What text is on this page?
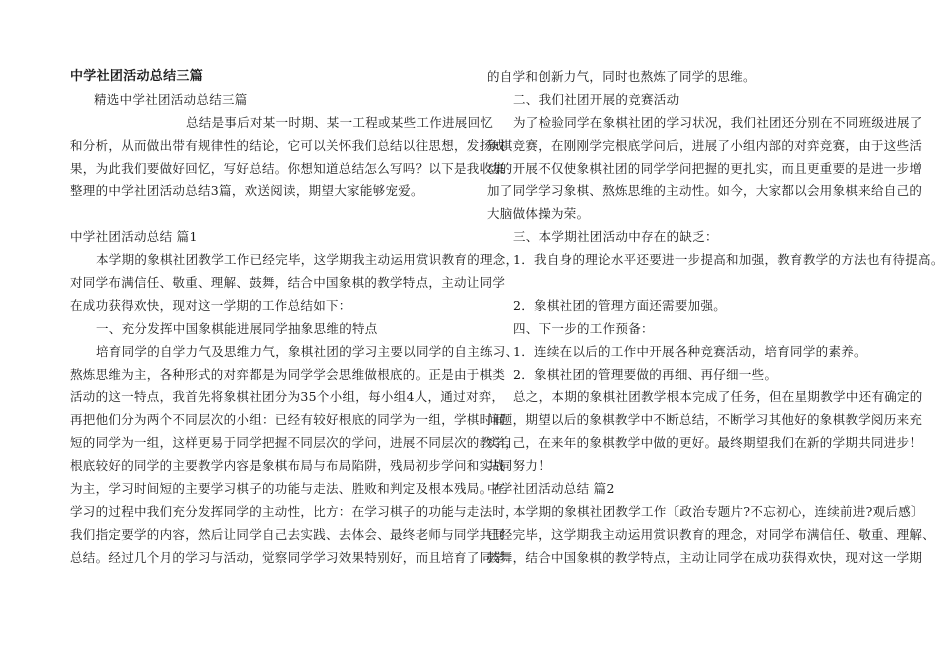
中学社团活动总结三篇
精选中学社团活动总结三篇
总结是事后对某一时期、某一工程或某些工作进展回忆
和分析，从而做出带有规律性的结论，它可以关怀我们总结以往思想，发扬成
果，为此我们要做好回忆，写好总结。你想知道总结怎么写吗？以下是我收集
整理的中学社团活动总结3篇，欢送阅读，期望大家能够宠爱。
中学社团活动总结 篇1
本学期的象棋社团教学工作已经完毕，这学期我主动运用赏识教育的理念，
对同学布满信任、敬重、理解、鼓舞，结合中国象棋的教学特点，主动让同学
在成功获得欢快，现对这一学期的工作总结如下：
一、充分发挥中国象棋能进展同学抽象思维的特点
培育同学的自学力气及思维力气，象棋社团的学习主要以同学的自主练习、
熬炼思维为主，各种形式的对弈都是为同学学会思维做根底的。正是由于棋类
活动的这一特点，我首先将象棋社团分为35个小组，每小组4人，通过对弈，
再把他们分为两个不同层次的小组：已经有较好根底的同学为一组，学棋时间
短的同学为一组，这样更易于同学把握不同层次的学问，进展不同层次的教学，
根底较好的同学的主要教学内容是象棋布局与布局陷阱，残局初步学问和实战
为主，学习时间短的主要学习棋子的功能与走法、胜败和判定及根本残局。在
学习的过程中我们充分发挥同学的主动性，比方：在学习棋子的功能与走法时，
我们指定要学的内容，然后让同学自己去实践、去体会、最终老师与同学共同
总结。经过几个月的学习与活动，觉察同学学习效果特别好，而且培育了同学
的自学和创新力气，同时也熬炼了同学的思维。
二、我们社团开展的竞赛活动
为了检验同学在象棋社团的学习状况，我们社团还分别在不同班级进展了
象棋竞赛，在刚刚学完根底学问后，进展了小组内部的对弈竞赛，由于这些活
动的开展不仅使象棋社团的同学学问把握的更扎实，而且更重要的是进一步增
加了同学学习象棋、熬炼思维的主动性。如今，大家都以会用象棋来给自己的
大脑做体操为荣。
三、本学期社团活动中存在的缺乏：
1．我自身的理论水平还要进一步提高和加强，教育教学的方法也有待提高。
2．象棋社团的管理方面还需要加强。
四、下一步的工作预备：
1．连续在以后的工作中开展各种竞赛活动，培育同学的素养。
2．象棋社团的管理要做的再细、再仔细一些。
总之，本期的象棋社团教学根本完成了任务，但在星期教学中还有确定的
问题，期望以后的象棋教学中不断总结，不断学习其他好的象棋教学阅历来充
实自己，在来年的象棋教学中做的更好。最终期望我们在新的学期共同进步！
共同努力！
中学社团活动总结 篇2
本学期的象棋社团教学工作〔政治专题片?不忘初心，连续前进?观后感〕
已经完毕，这学期我主动运用赏识教育的理念，对同学布满信任、敬重、理解、
鼓舞，结合中国象棋的教学特点，主动让同学在成功获得欢快，现对这一学期
